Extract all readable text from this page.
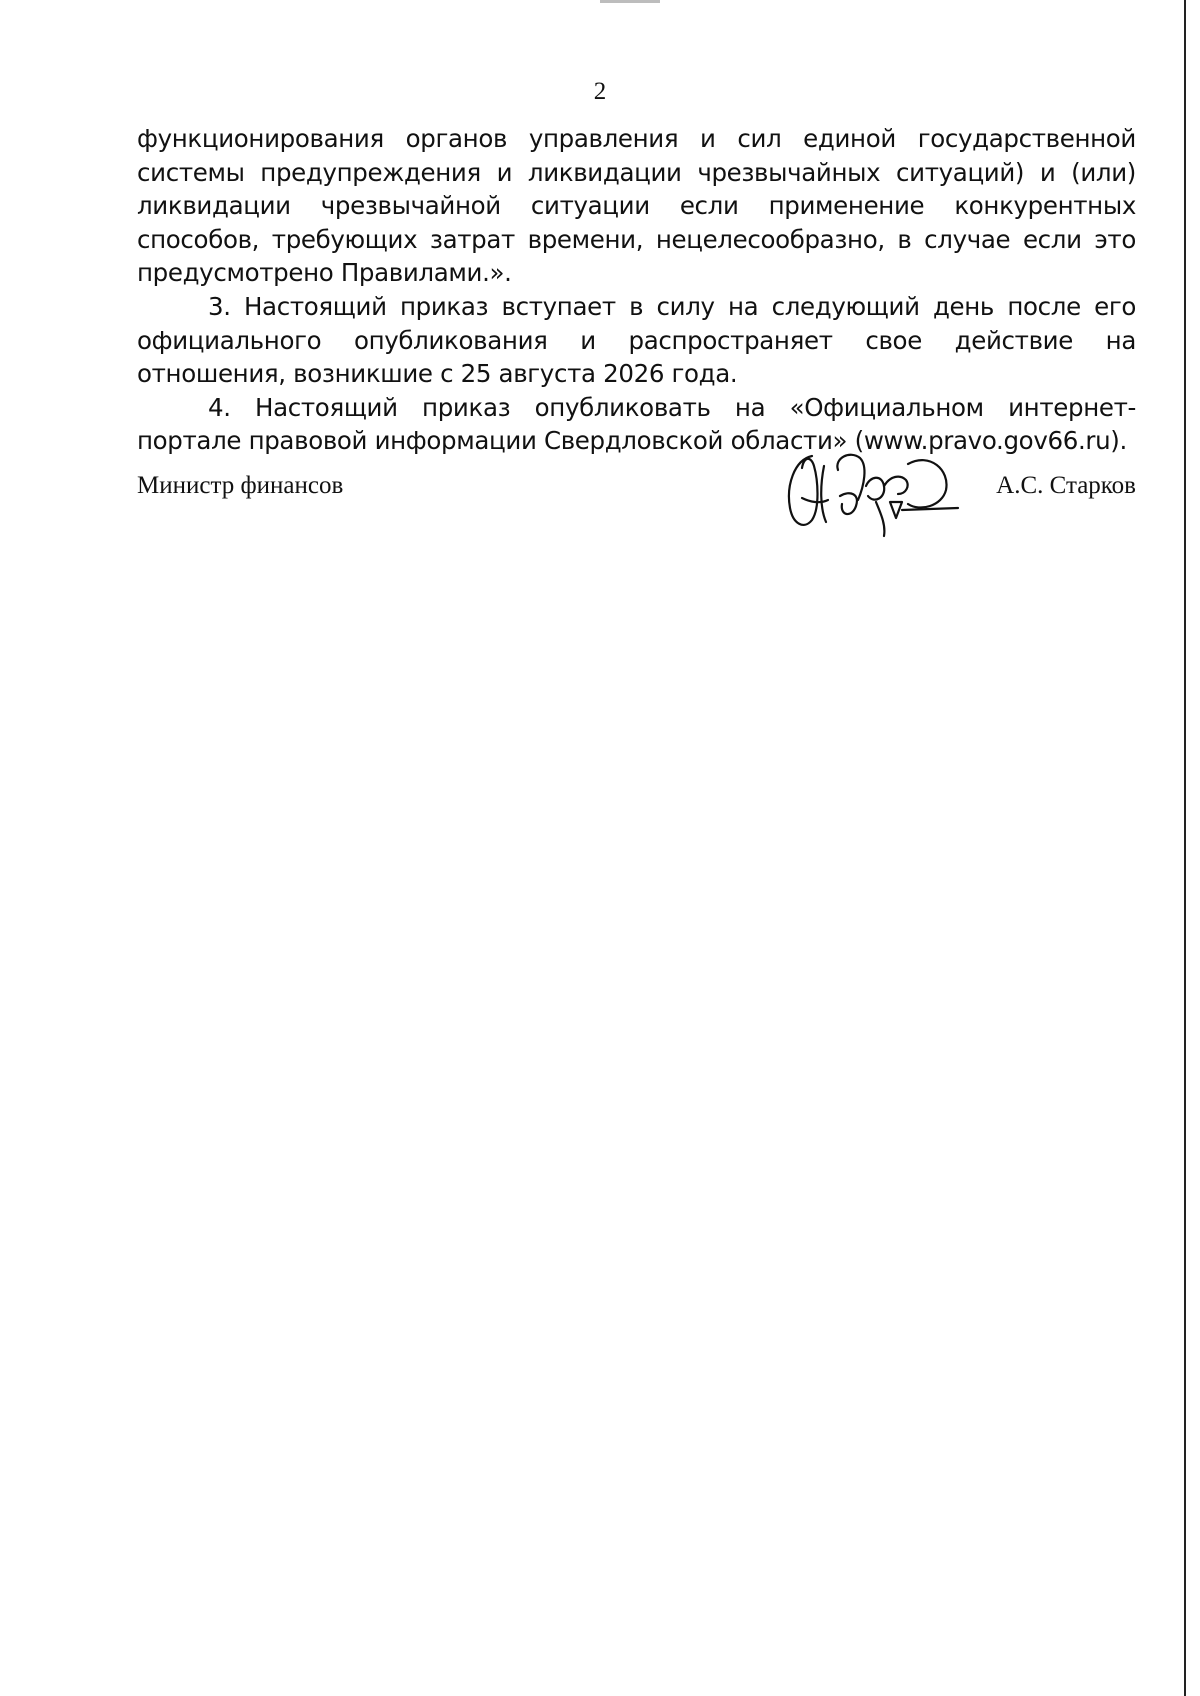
2

функционирования органов управления и сил единой государственной системы предупреждения и ликвидации чрезвычайных ситуаций) и (или) ликвидации чрезвычайной ситуации если применение конкурентных способов, требующих затрат времени, нецелесообразно, в случае если это предусмотрено Правилами.».

3. Настоящий приказ вступает в силу на следующий день после его официального опубликования и распространяет свое действие на отношения, возникшие с 25 августа 2026 года.

4. Настоящий приказ опубликовать на «Официальном интернет-портале правовой информации Свердловской области» (www.pravo.gov66.ru).

Министр финансов	А.С. Старков
